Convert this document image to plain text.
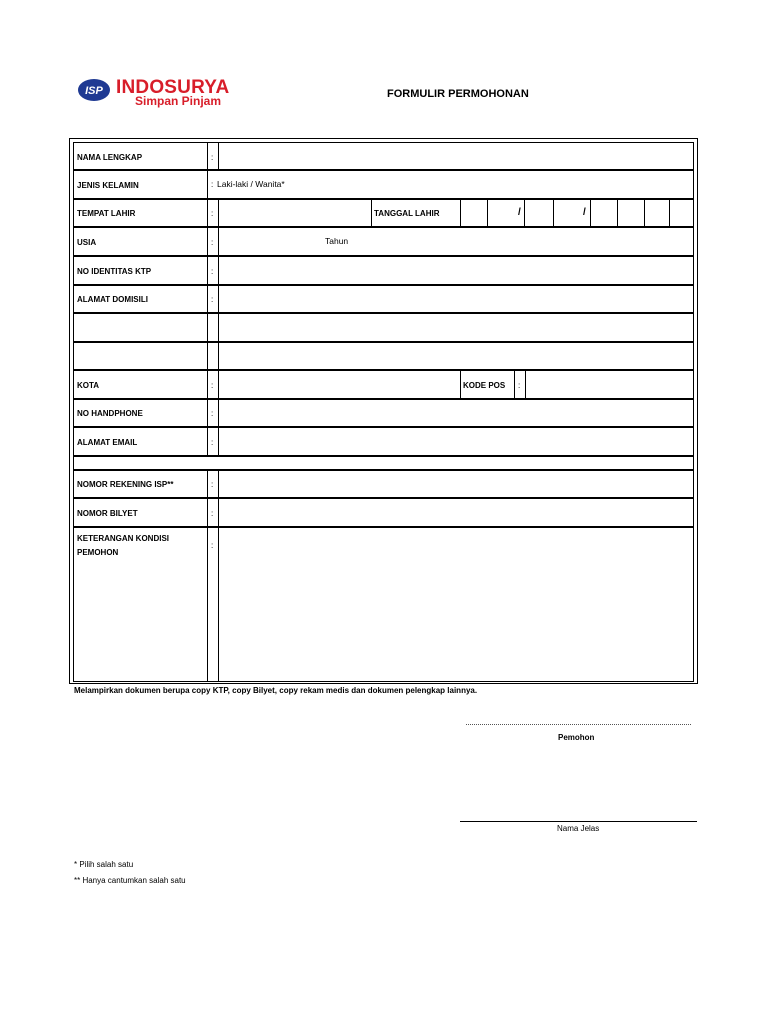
ISP INDOSURYA
Simpan Pinjam	FORMULIR PERMOHONAN
NAMA LENGKAP	:
JENIS KELAMIN	: Laki-laki / Wanita*
TEMPAT LAHIR	:	TANGGAL LAHIR	/	/
USIA	:	Tahun
NO IDENTITAS KTP	:
ALAMAT DOMISILI	:
KOTA	:	KODE POS :
NO HANDPHONE	:
ALAMAT EMAIL	:
NOMOR REKENING ISP**	:
NOMOR BILYET	:
KETERANGAN KONDISI
PEMOHON
:
Melampirkan dokumen berupa copy KTP, copy Bilyet, copy rekam medis dan dokumen pelengkap lainnya.
Pemohon
Nama Jelas
* Pilih salah satu
** Hanya cantumkan salah satu
